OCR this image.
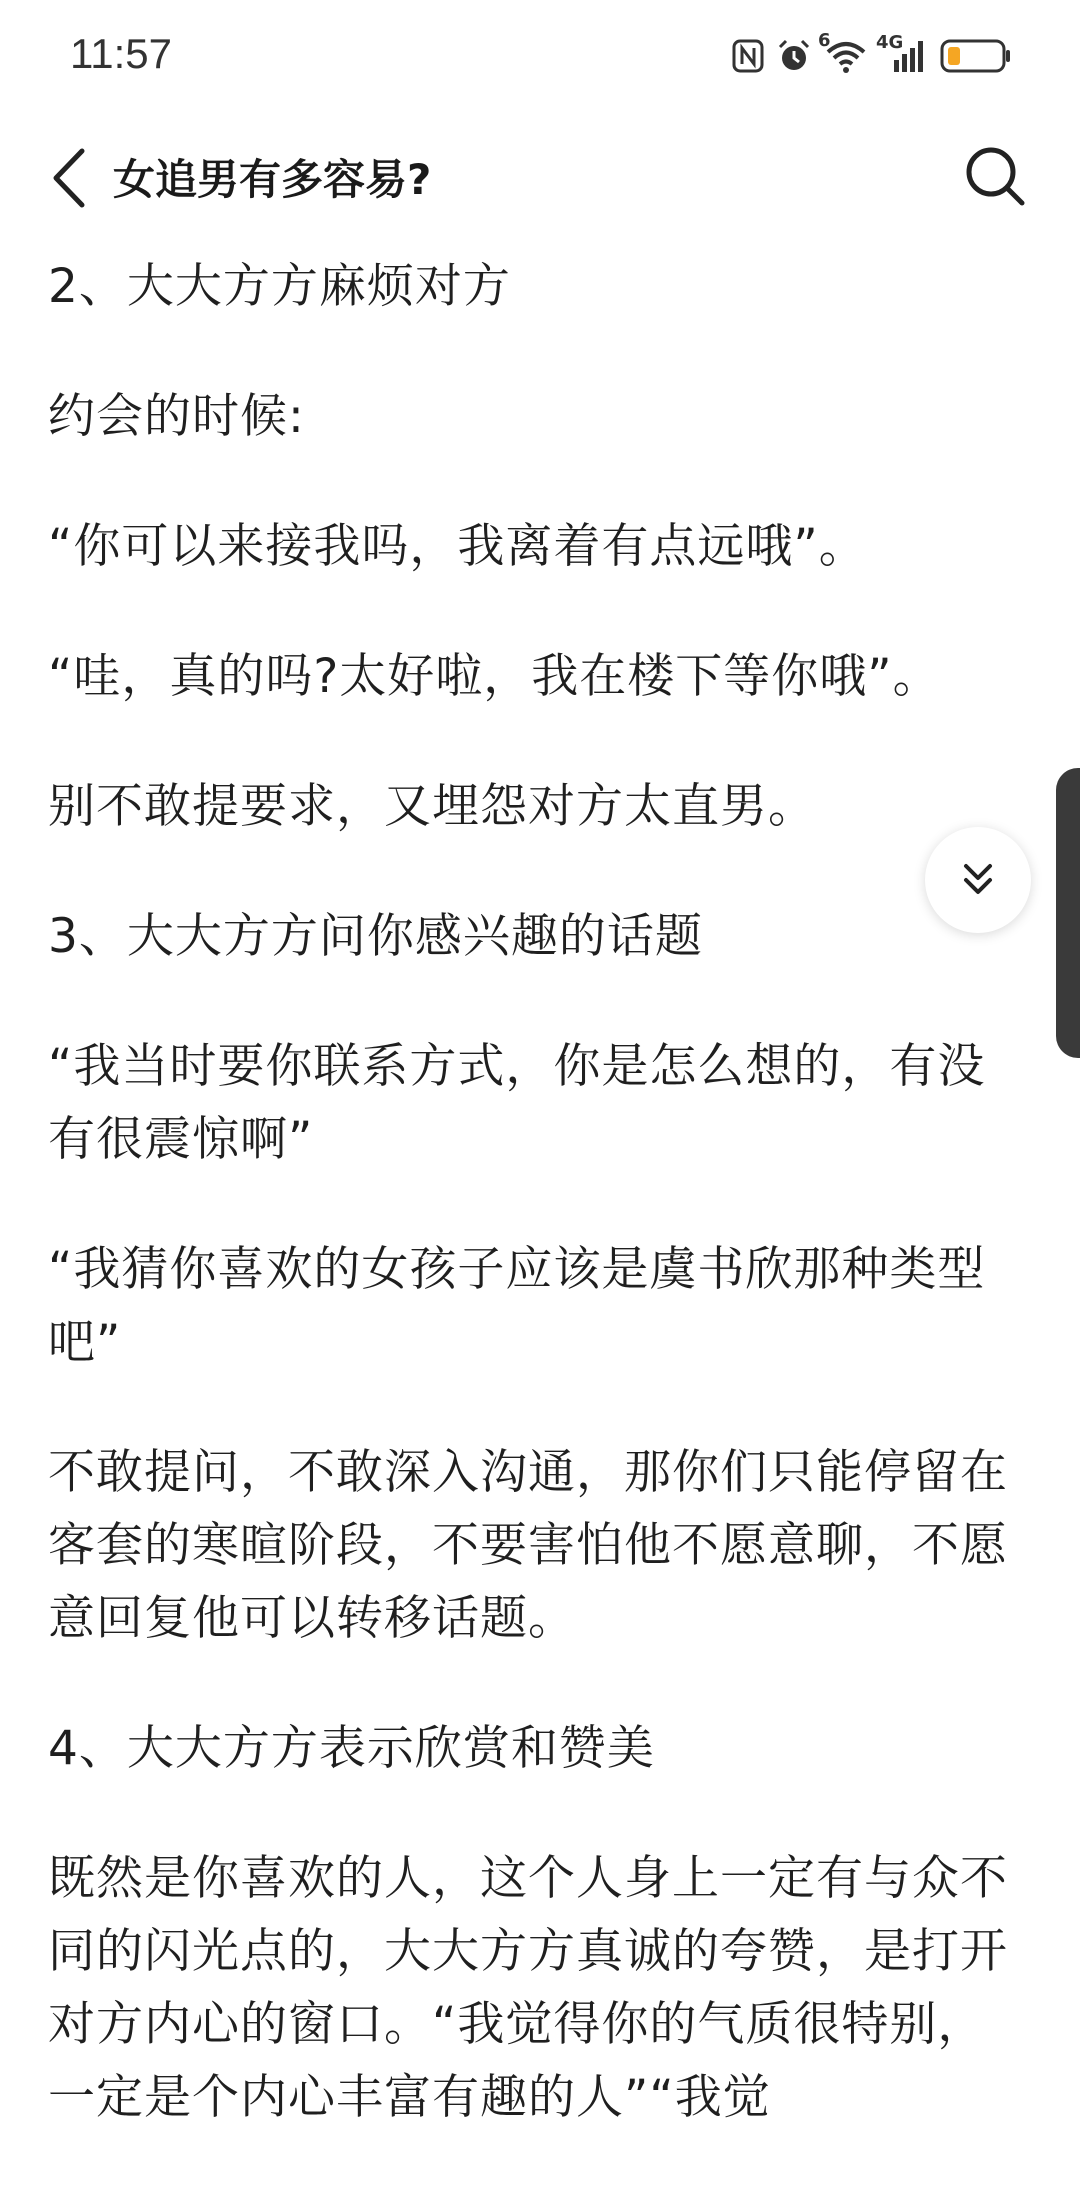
11:57	6	4G
女追男有多容易?

2、大大方方麻烦对方

约会的时候:

“你可以来接我吗，我离着有点远哦”。

“哇，真的吗?太好啦，我在楼下等你哦”。

别不敢提要求，又埋怨对方太直男。

3、大大方方问你感兴趣的话题

“我当时要你联系方式，你是怎么想的，有没有很震惊啊”

“我猜你喜欢的女孩子应该是虞书欣那种类型吧”

不敢提问，不敢深入沟通，那你们只能停留在客套的寒暄阶段，不要害怕他不愿意聊，不愿意回复他可以转移话题。

4、大大方方表示欣赏和赞美

既然是你喜欢的人，这个人身上一定有与众不同的闪光点的，大大方方真诚的夸赞，是打开对方内心的窗口。“我觉得你的气质很特别，一定是个内心丰富有趣的人”“我觉
